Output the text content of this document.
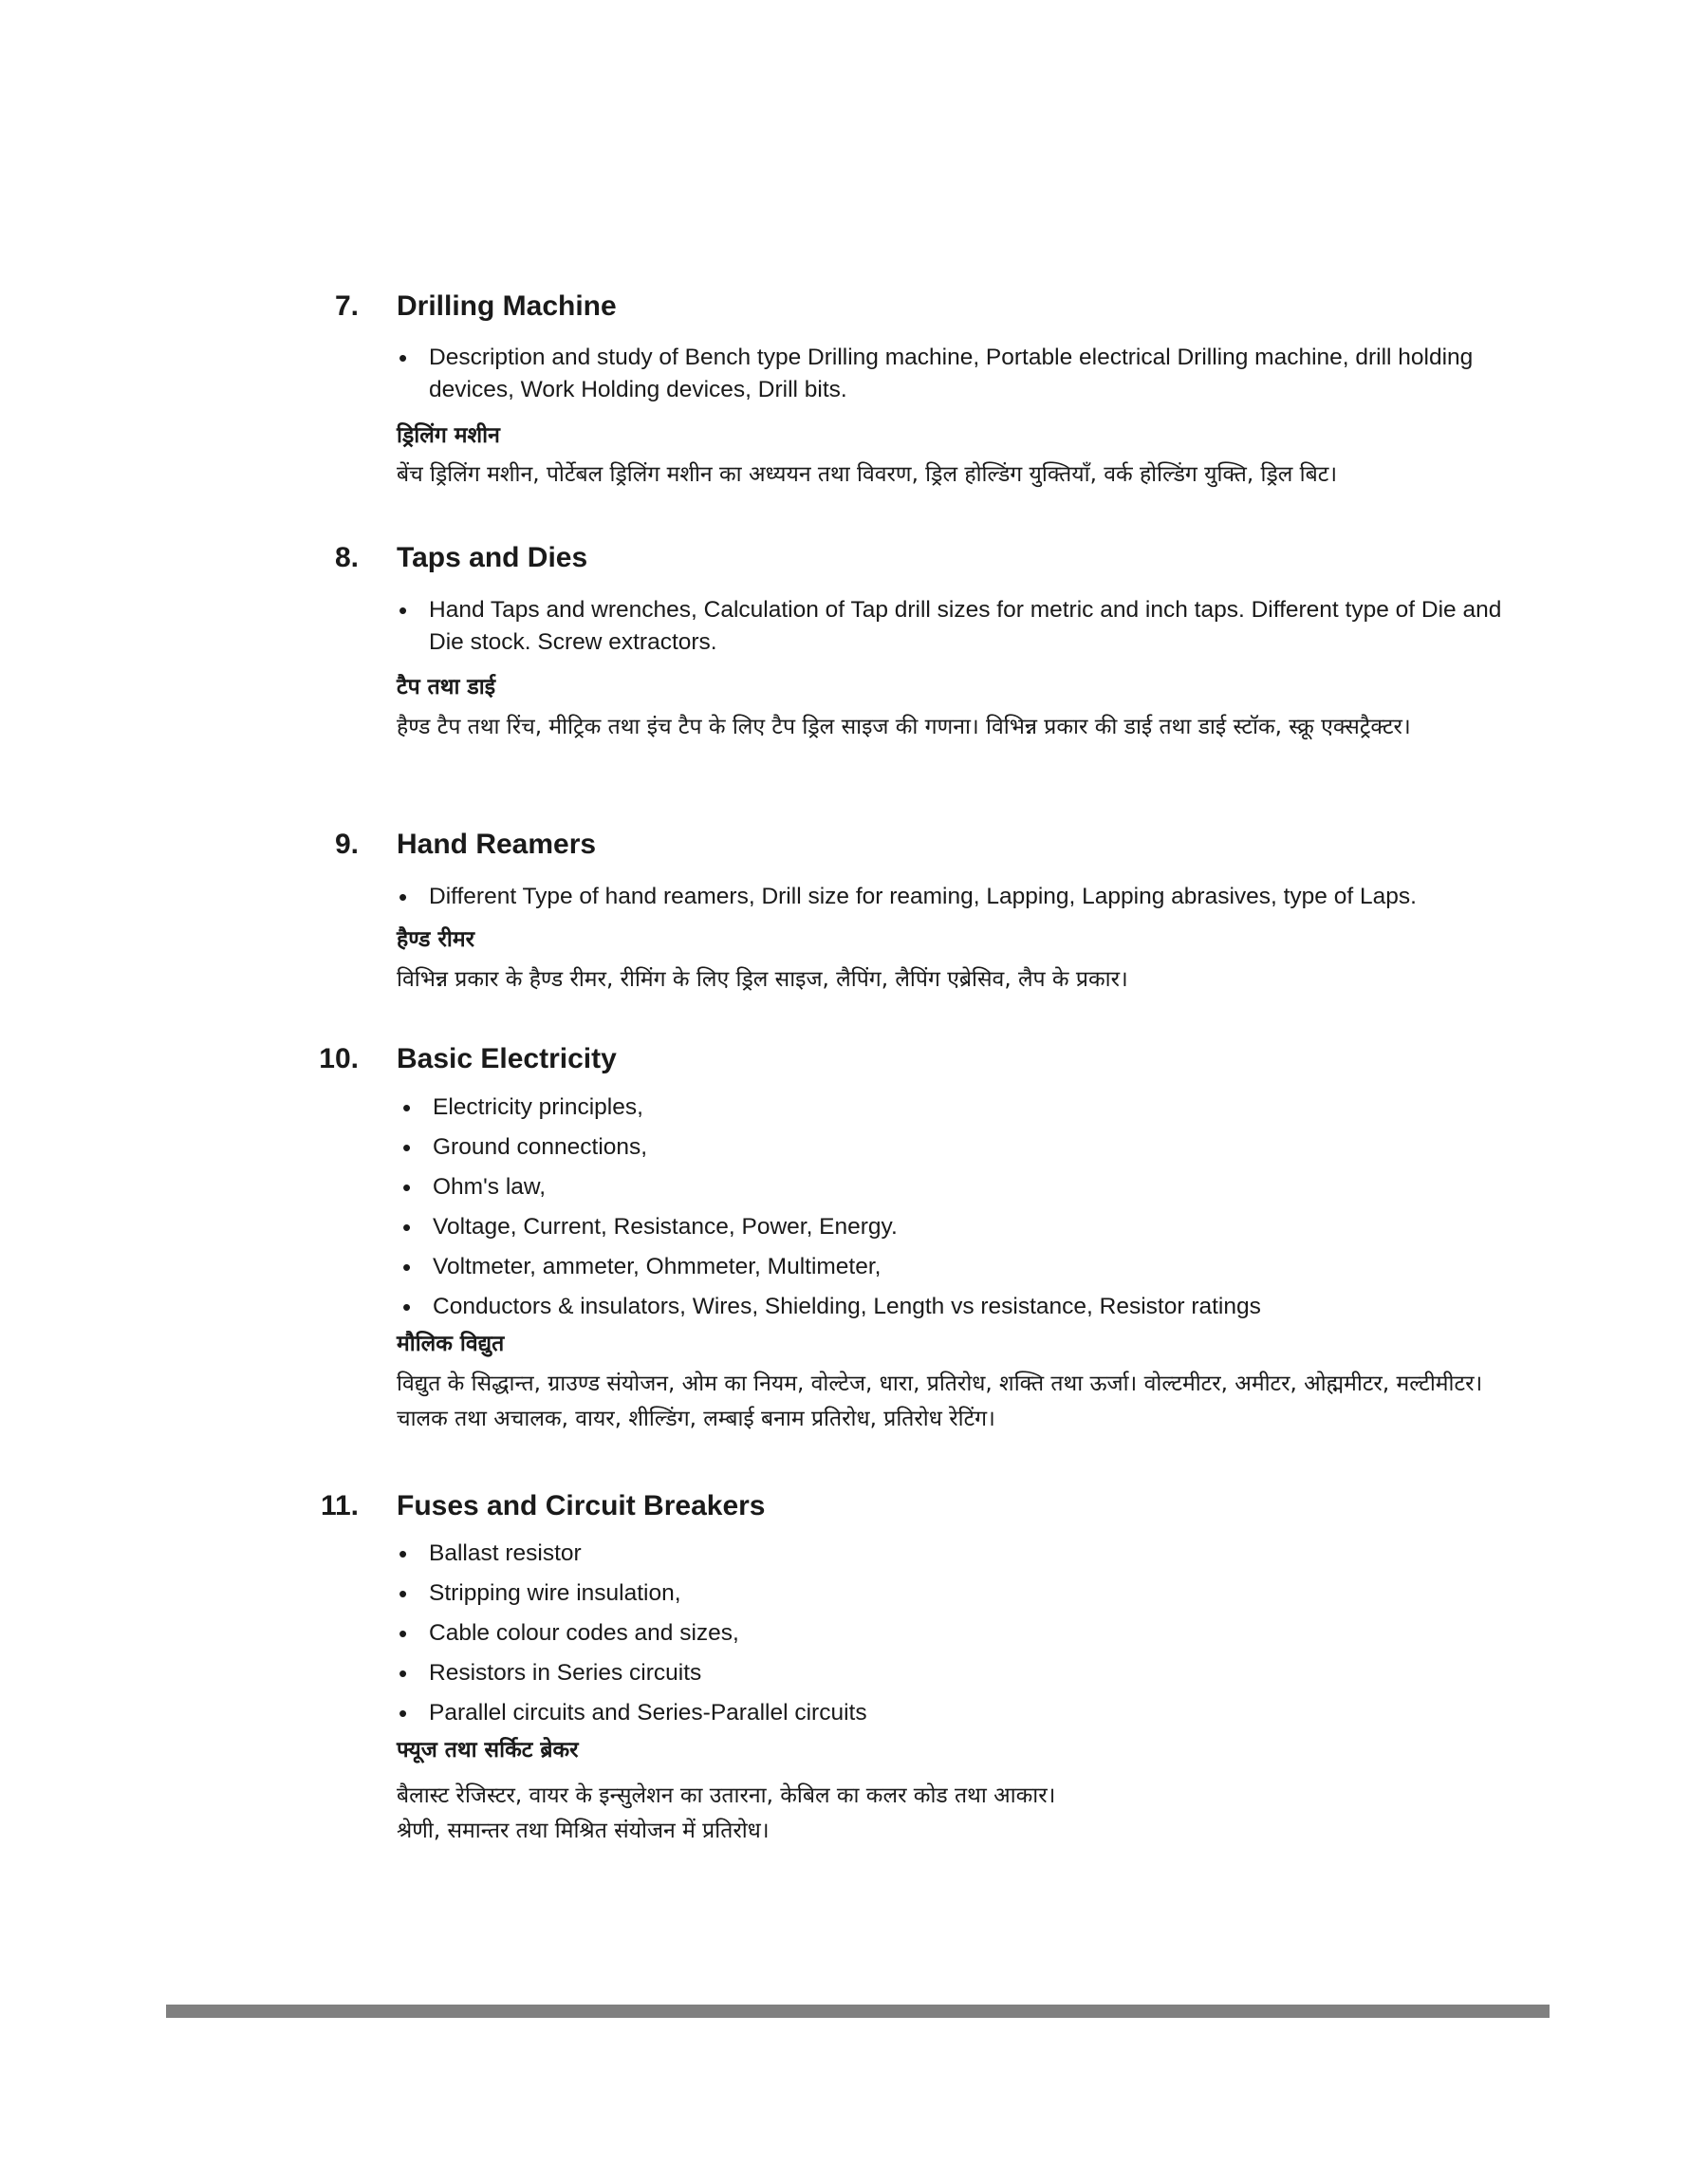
7. Drilling Machine
• Description and study of Bench type Drilling machine, Portable electrical Drilling machine, drill holding devices, Work Holding devices, Drill bits.
ड्रिलिंग मशीन

बेंच ड्रिलिंग मशीन, पोर्टेबल ड्रिलिंग मशीन का अध्ययन तथा विवरण, ड्रिल होल्डिंग युक्तियाँ, वर्क होल्डिंग युक्ति, ड्रिल बिट।

8. Taps and Dies
• Hand Taps and wrenches, Calculation of Tap drill sizes for metric and inch taps. Different type of Die and Die stock. Screw extractors.
टैप तथा डाई

हैण्ड टैप तथा रिंच, मीट्रिक तथा इंच टैप के लिए टैप ड्रिल साइज की गणना। विभिन्न प्रकार की डाई तथा डाई स्टॉक, स्क्रू एक्सट्रैक्टर।

9. Hand Reamers
• Different Type of hand reamers, Drill size for reaming, Lapping, Lapping abrasives, type of Laps.
हैण्ड रीमर

विभिन्न प्रकार के हैण्ड रीमर, रीमिंग के लिए ड्रिल साइज, लैपिंग, लैपिंग एब्रेसिव, लैप के प्रकार।

10. Basic Electricity
• Electricity principles,
• Ground connections,
• Ohm's law,
• Voltage, Current, Resistance, Power, Energy.
• Voltmeter, ammeter, Ohmmeter, Multimeter,
• Conductors & insulators, Wires, Shielding, Length vs resistance, Resistor ratings
मौलिक विद्युत

विद्युत के सिद्धान्त, ग्राउण्ड संयोजन, ओम का नियम, वोल्टेज, धारा, प्रतिरोध, शक्ति तथा ऊर्जा। वोल्टमीटर, अमीटर, ओह्ममीटर, मल्टीमीटर। चालक तथा अचालक, वायर, शील्डिंग, लम्बाई बनाम प्रतिरोध, प्रतिरोध रेटिंग।

11. Fuses and Circuit Breakers
• Ballast resistor
• Stripping wire insulation,
• Cable colour codes and sizes,
• Resistors in Series circuits
• Parallel circuits and Series-Parallel circuits
फ्यूज तथा सर्किट ब्रेकर

बैलास्ट रेजिस्टर, वायर के इन्सुलेशन का उतारना, केबिल का कलर कोड तथा आकार।

श्रेणी, समान्तर तथा मिश्रित संयोजन में प्रतिरोध।
